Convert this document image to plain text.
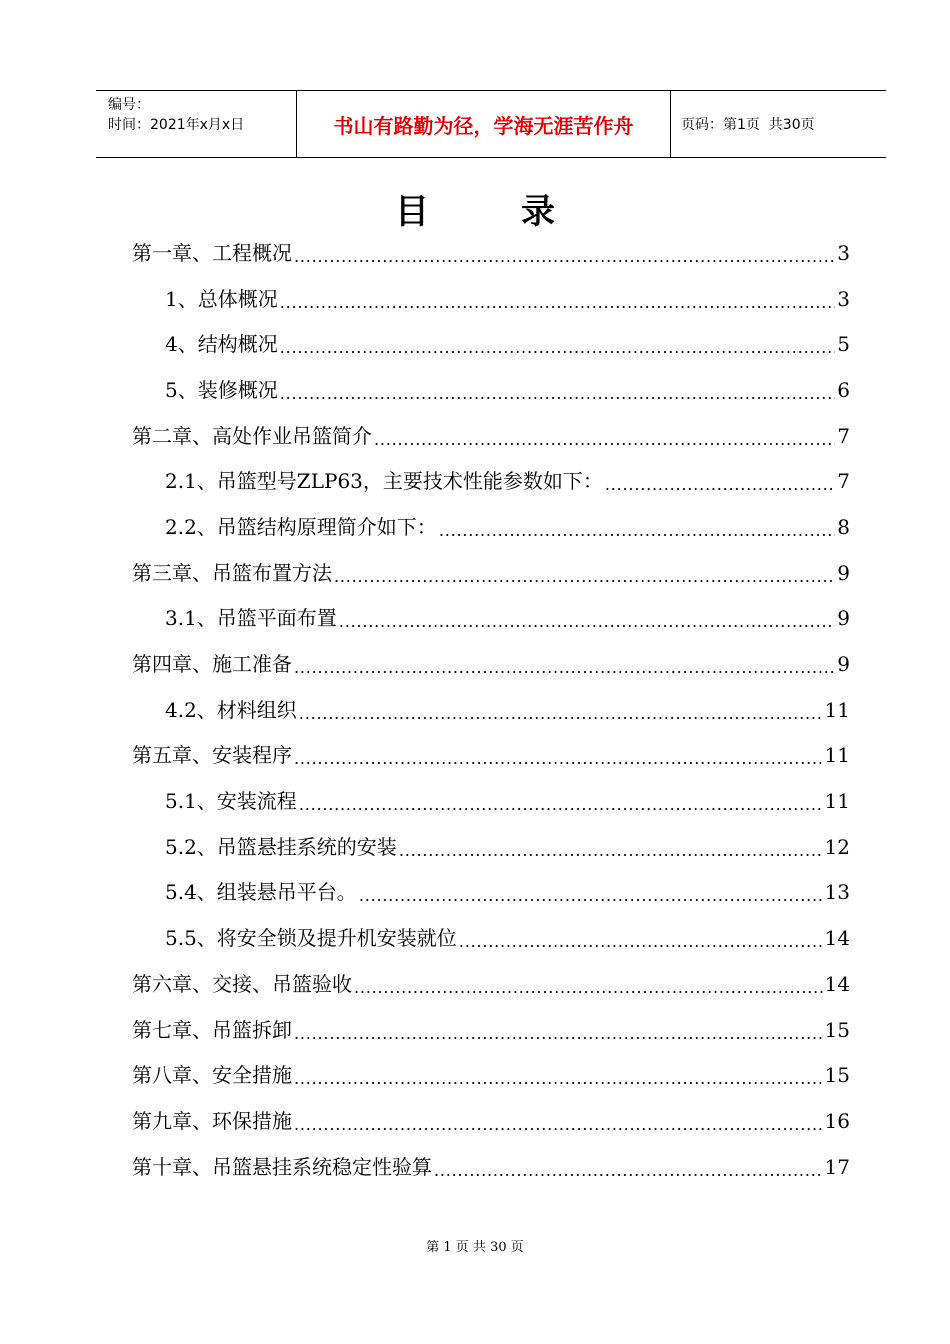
编号：
时间：2021年x月x日	书山有路勤为径，学海无涯苦作舟	页码：第1页  共30页
目	录
第一章、工程概况 .....	3
1、总体概况 .....	3
4、结构概况 .....	5
5、装修概况 .....	6
第二章、高处作业吊篮简介 .....	7
2.1、吊篮型号ZLP63，主要技术性能参数如下： .....	7
2.2、吊篮结构原理简介如下： .....	8
第三章、吊篮布置方法 .....	9
3.1、吊篮平面布置 .....	9
第四章、施工准备 .....	9
4.2、材料组织 .....	11
第五章、安装程序 .....	11
5.1、安装流程 .....	11
5.2、吊篮悬挂系统的安装 .....	12
5.4、组装悬吊平台。 .....	13
5.5、将安全锁及提升机安装就位 .....	14
第六章、交接、吊篮验收 .....	14
第七章、吊篮拆卸 .....	15
第八章、安全措施 .....	15
第九章、环保措施 .....	16
第十章、吊篮悬挂系统稳定性验算 .....	17
第 1 页 共 30 页
